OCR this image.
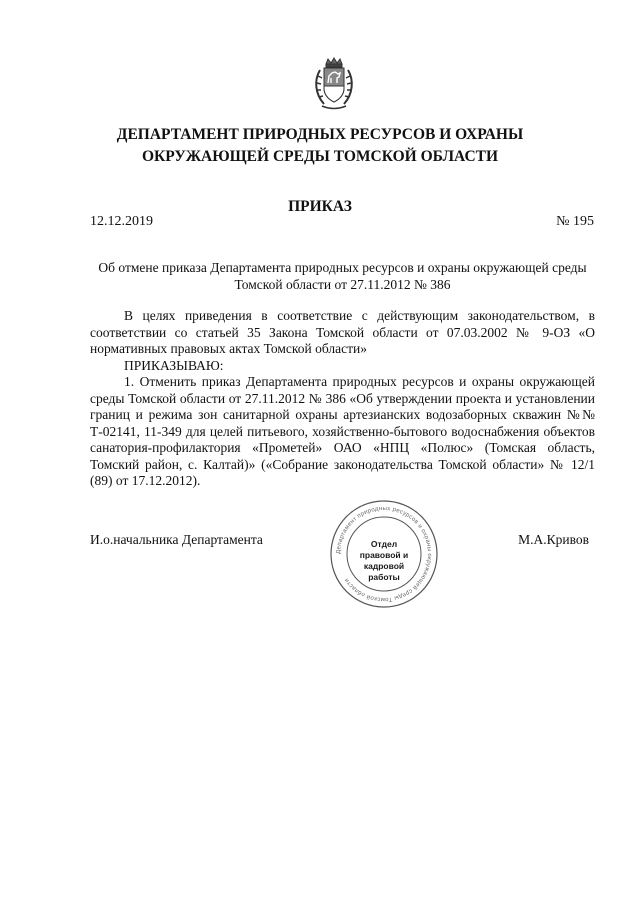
ДЕПАРТАМЕНТ ПРИРОДНЫХ РЕСУРСОВ И ОХРАНЫ ОКРУЖАЮЩЕЙ СРЕДЫ ТОМСКОЙ ОБЛАСТИ
ПРИКАЗ
12.12.2019	№ 195
Об отмене приказа Департамента природных ресурсов и охраны окружающей среды Томской области от 27.11.2012 № 386

В целях приведения в соответствие с действующим законодательством, в соответствии со статьей 35 Закона Томской области от 07.03.2002 № 9-ОЗ «О нормативных правовых актах Томской области»

ПРИКАЗЫВАЮ:

1. Отменить приказ Департамента природных ресурсов и охраны окружающей среды Томской области от 27.11.2012 № 386 «Об утверждении проекта и установлении границ и режима зон санитарной охраны артезианских водозаборных скважин №№ Т-02141, 11-349 для целей питьевого, хозяйственно-бытового водоснабжения объектов санатория-профилактория «Прометей» ОАО «НПЦ «Полюс» (Томская область, Томский район, с. Калтай)» («Собрание законодательства Томской области» № 12/1 (89) от 17.12.2012).

И.о.начальника Департамента	М.А.Кривов
Департамент природных ресурсов и охраны окружающей среды Томской области
Отдел правовой и кадровой работы
